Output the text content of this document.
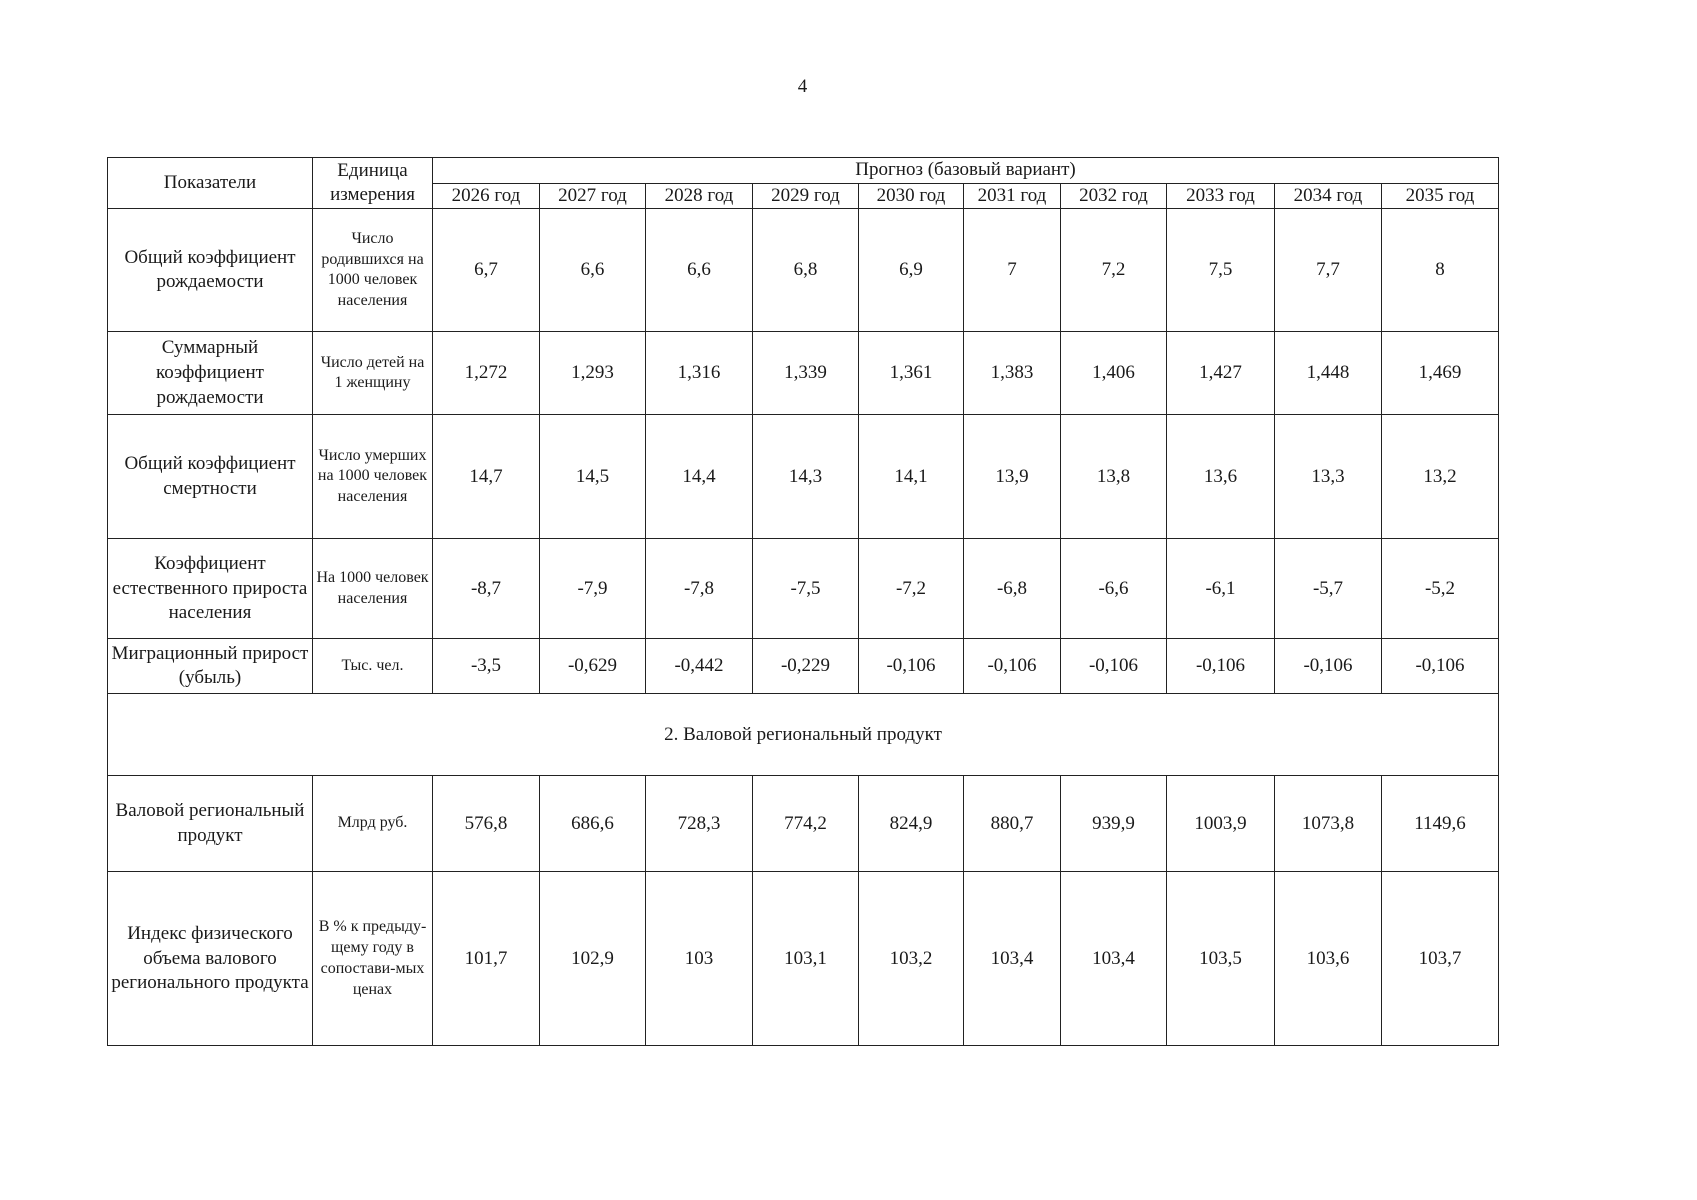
4
Показатели	Единица измерения	Прогноз (базовый вариант)									
		2026 год	2027 год	2028 год	2029 год	2030 год	2031 год	2032 год	2033 год	2034 год	2035 год
Общий коэффициент рождаемости	Число родившихся на 1000 человек населения	6,7	6,6	6,6	6,8	6,9	7	7,2	7,5	7,7	8
Суммарный коэффициент рождаемости	Число детей на 1 женщину	1,272	1,293	1,316	1,339	1,361	1,383	1,406	1,427	1,448	1,469
Общий коэффициент смертности	Число умерших на 1000 человек населения	14,7	14,5	14,4	14,3	14,1	13,9	13,8	13,6	13,3	13,2
Коэффициент естественного прироста населения	На 1000 человек населения	-8,7	-7,9	-7,8	-7,5	-7,2	-6,8	-6,6	-6,1	-5,7	-5,2
Миграционный прирост (убыль)	Тыс. чел.	-3,5	-0,629	-0,442	-0,229	-0,106	-0,106	-0,106	-0,106	-0,106	-0,106
2. Валовой региональный продукт											
Валовой региональный продукт	Млрд руб.	576,8	686,6	728,3	774,2	824,9	880,7	939,9	1003,9	1073,8	1149,6
Индекс физического объема валового регионального продукта	В % к предыду-щему году в сопостави-мых ценах	101,7	102,9	103	103,1	103,2	103,4	103,4	103,5	103,6	103,7
